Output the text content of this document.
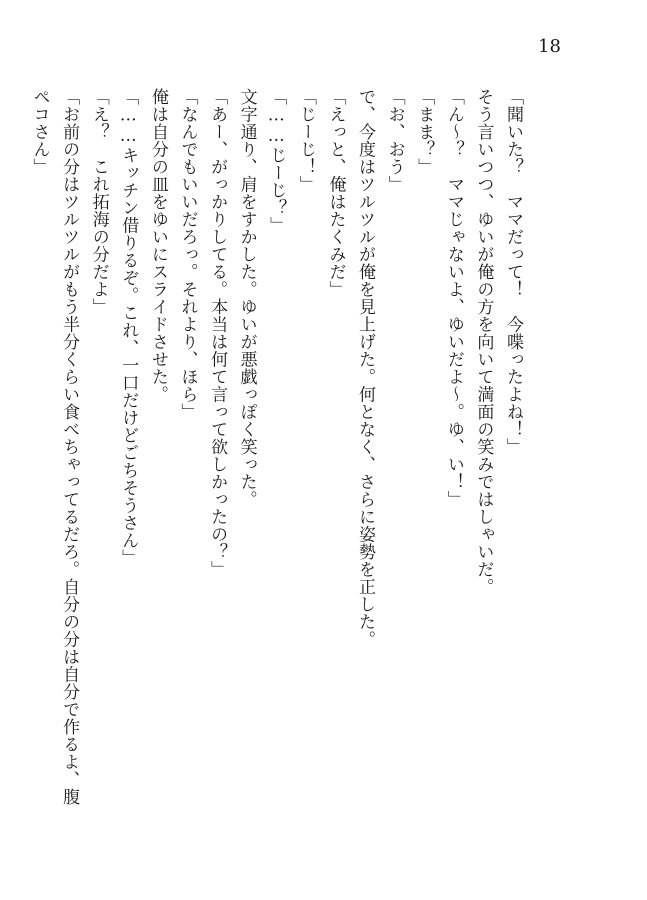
18
「聞いた？　ママだって！　今喋ったよね！」
そう言いつつ、ゆいが俺の方を向いて満面の笑みではしゃいだ。
「ん〜？　ママじゃないよ、ゆいだよ〜。ゆ、い！」
「まま？」
「お、おう」
で、今度はツルツルが俺を見上げた。何となく、さらに姿勢を正した。
「えっと、俺はたくみだ」
「じーじ！」
「……じーじ？」
文字通り、肩をすかした。ゆいが悪戯っぽく笑った。
「あー、がっかりしてる。本当は何て言って欲しかったの？」
「なんでもいいだろっ。それより、ほら」
俺は自分の皿をゆいにスライドさせた。
「……キッチン借りるぞ。これ、一口だけどごちそうさん」
「え？　これ拓海の分だよ」
「お前の分はツルツルがもう半分くらい食べちゃってるだろ。自分の分は自分で作るよ、腹
ペコさん」
